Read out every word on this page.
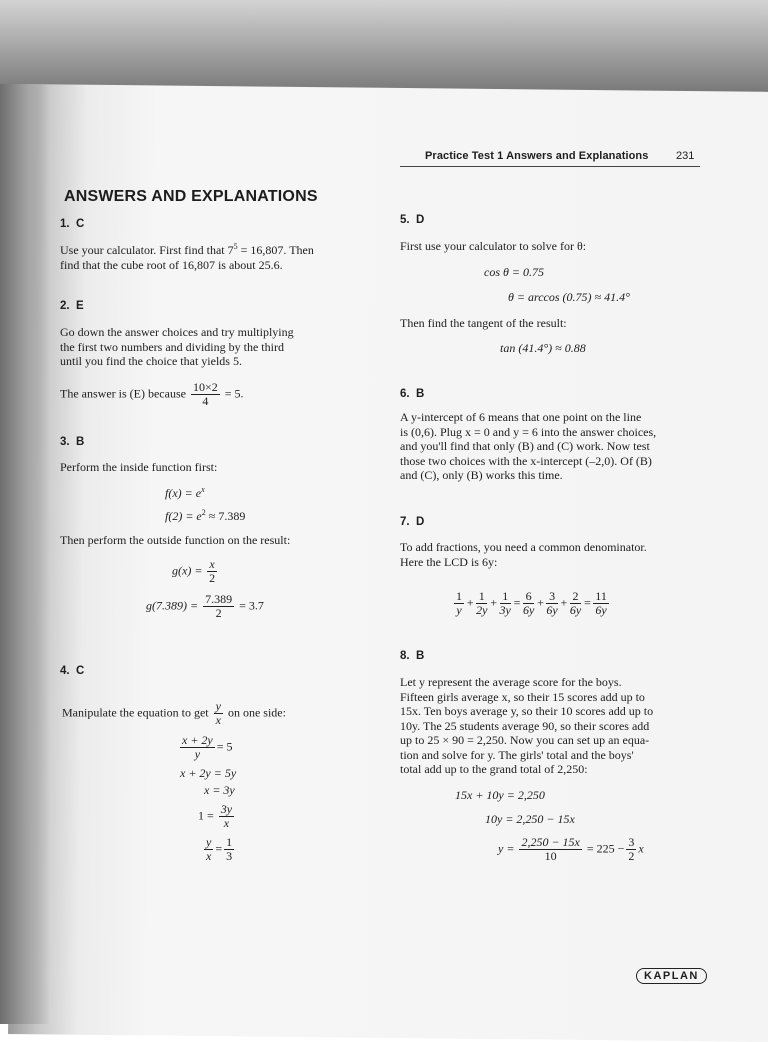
Practice Test 1 Answers and Explanations	231
ANSWERS AND EXPLANATIONS
1. C
Use your calculator. First find that $7^5 = 16,807$. Then
find that the cube root of 16,807 is about 25.6.
2. E
Go down the answer choices and try multiplying
the first two numbers and dividing by the third
until you find the choice that yields 5.
The answer is (E) because $\frac{10\times 2}{4} = 5$.
3. B
Perform the inside function first:
$f(x) = e^x$
$f(2) = e^2 \approx 7.389$
Then perform the outside function on the result:
$g(x) = \frac{x}{2}$
$g(7.389) = \frac{7.389}{2} = 3.7$
4. C
Manipulate the equation to get $\frac{y}{x}$ on one side:
$\frac{x + 2y}{y} = 5$
x + 2y = 5y
x = 3y
$1 = \frac{3y}{x}$
$\frac{y}{x} = \frac{1}{3}$
5. D
First use your calculator to solve for θ:
cos θ = 0.75
θ = arccos (0.75) ≈ 41.4°
Then find the tangent of the result:
tan (41.4°) ≈ 0.88
6. B
A y-intercept of 6 means that one point on the line
is (0,6). Plug x = 0 and y = 6 into the answer choices,
and you'll find that only (B) and (C) work. Now test
those two choices with the x-intercept (–2,0). Of (B)
and (C), only (B) works this time.
7. D
To add fractions, you need a common denominator.
Here the LCD is 6y:
$\frac{1}{y} + \frac{1}{2y} + \frac{1}{3y} = \frac{6}{6y} + \frac{3}{6y} + \frac{2}{6y} = \frac{11}{6y}$
8. B
Let y represent the average score for the boys.
Fifteen girls average x, so their 15 scores add up to
15x. Ten boys average y, so their 10 scores add up to
10y. The 25 students average 90, so their scores add
up to 25 × 90 = 2,250. Now you can set up an equa-
tion and solve for y. The girls' total and the boys'
total add up to the grand total of 2,250:
15x + 10y = 2,250
10y = 2,250 − 15x
$y = \frac{2,250 - 15x}{10} = 225 - \frac{3}{2}$ x
KAPLAN
